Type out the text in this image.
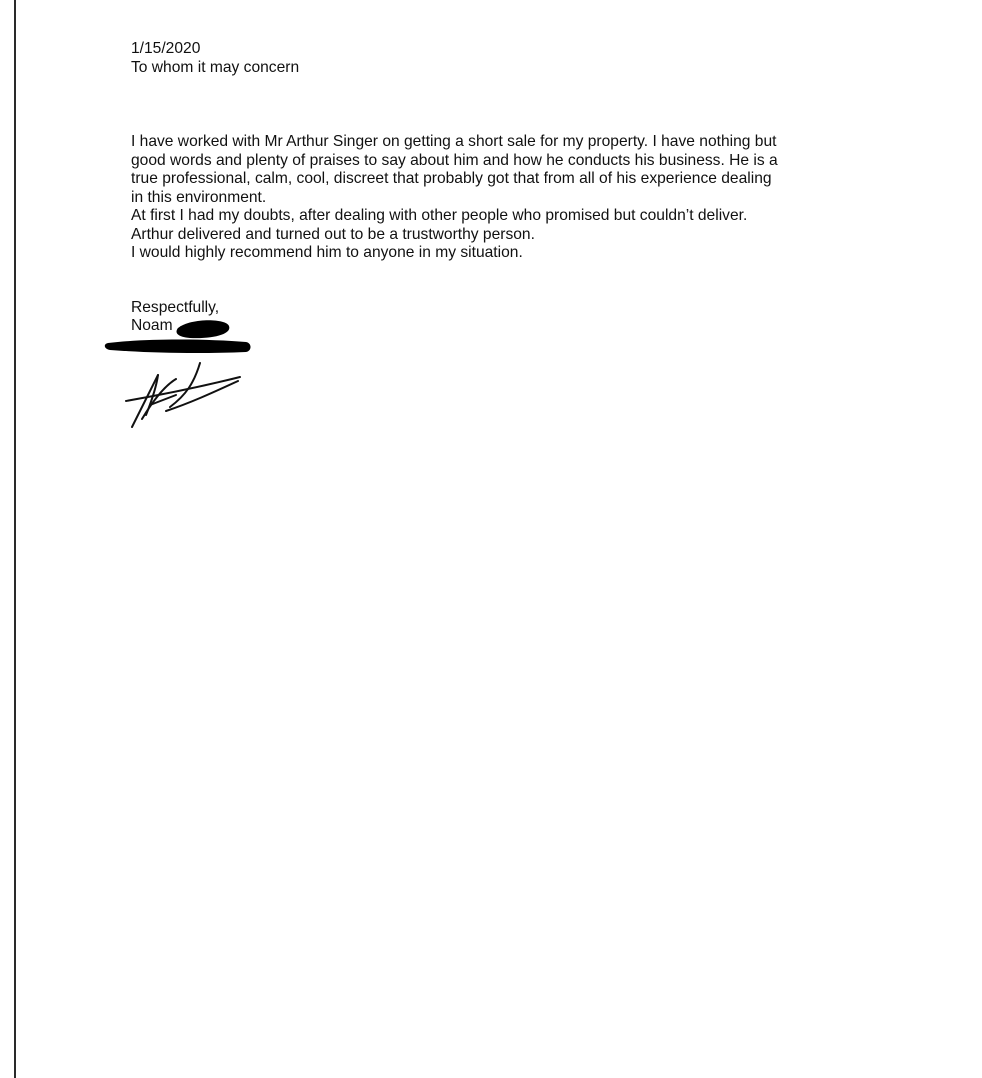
1/15/2020
To whom it may concern
I have worked with Mr Arthur Singer on getting a short sale for my property. I have nothing but
good words and plenty of praises to say about him and how he conducts his business. He is a
true professional, calm, cool, discreet that probably got that from all of his experience dealing
in this environment.
At first I had my doubts, after dealing with other people who promised but couldn’t deliver.
Arthur delivered and turned out to be a trustworthy person.
I would highly recommend him to anyone in my situation.
Respectfully,
Noam
